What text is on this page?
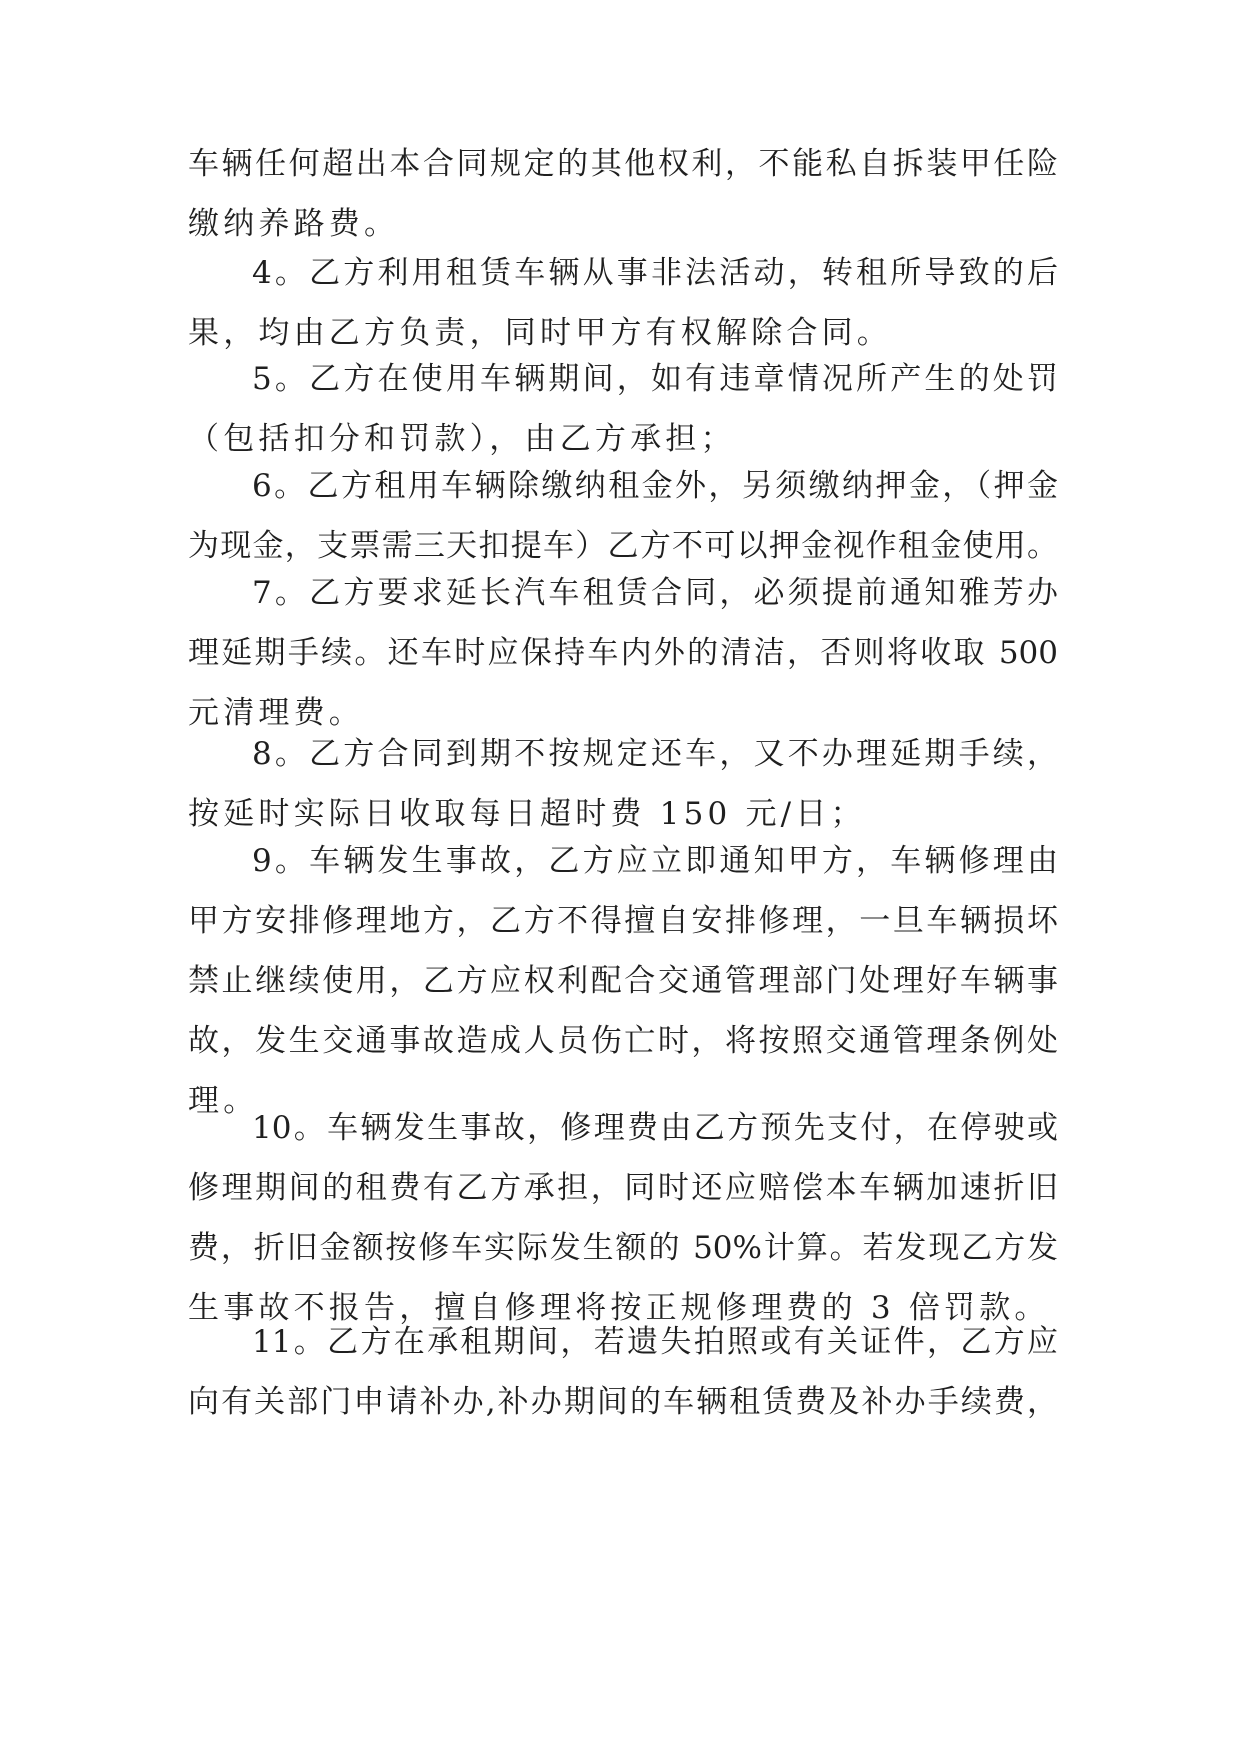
车辆任何超出本合同规定的其他权利，不能私自拆装甲任险
缴纳养路费。
4。乙方利用租赁车辆从事非法活动，转租所导致的后
果，均由乙方负责，同时甲方有权解除合同。
5。乙方在使用车辆期间，如有违章情况所产生的处罚
（包括扣分和罚款），由乙方承担；
6。乙方租用车辆除缴纳租金外，另须缴纳押金，（押金
为现金，支票需三天扣提车）乙方不可以押金视作租金使用。
7。乙方要求延长汽车租赁合同，必须提前通知雅芳办
理延期手续。还车时应保持车内外的清洁，否则将收取 500
元清理费。
8。乙方合同到期不按规定还车，又不办理延期手续，
按延时实际日收取每日超时费 150 元/日；
9。车辆发生事故，乙方应立即通知甲方，车辆修理由
甲方安排修理地方，乙方不得擅自安排修理，一旦车辆损坏
禁止继续使用，乙方应权利配合交通管理部门处理好车辆事
故，发生交通事故造成人员伤亡时，将按照交通管理条例处
理。
10。车辆发生事故，修理费由乙方预先支付，在停驶或
修理期间的租费有乙方承担，同时还应赔偿本车辆加速折旧
费，折旧金额按修车实际发生额的 50%计算。若发现乙方发
生事故不报告，擅自修理将按正规修理费的 3 倍罚款。
11。乙方在承租期间，若遗失拍照或有关证件，乙方应
向有关部门申请补办,补办期间的车辆租赁费及补办手续费，
